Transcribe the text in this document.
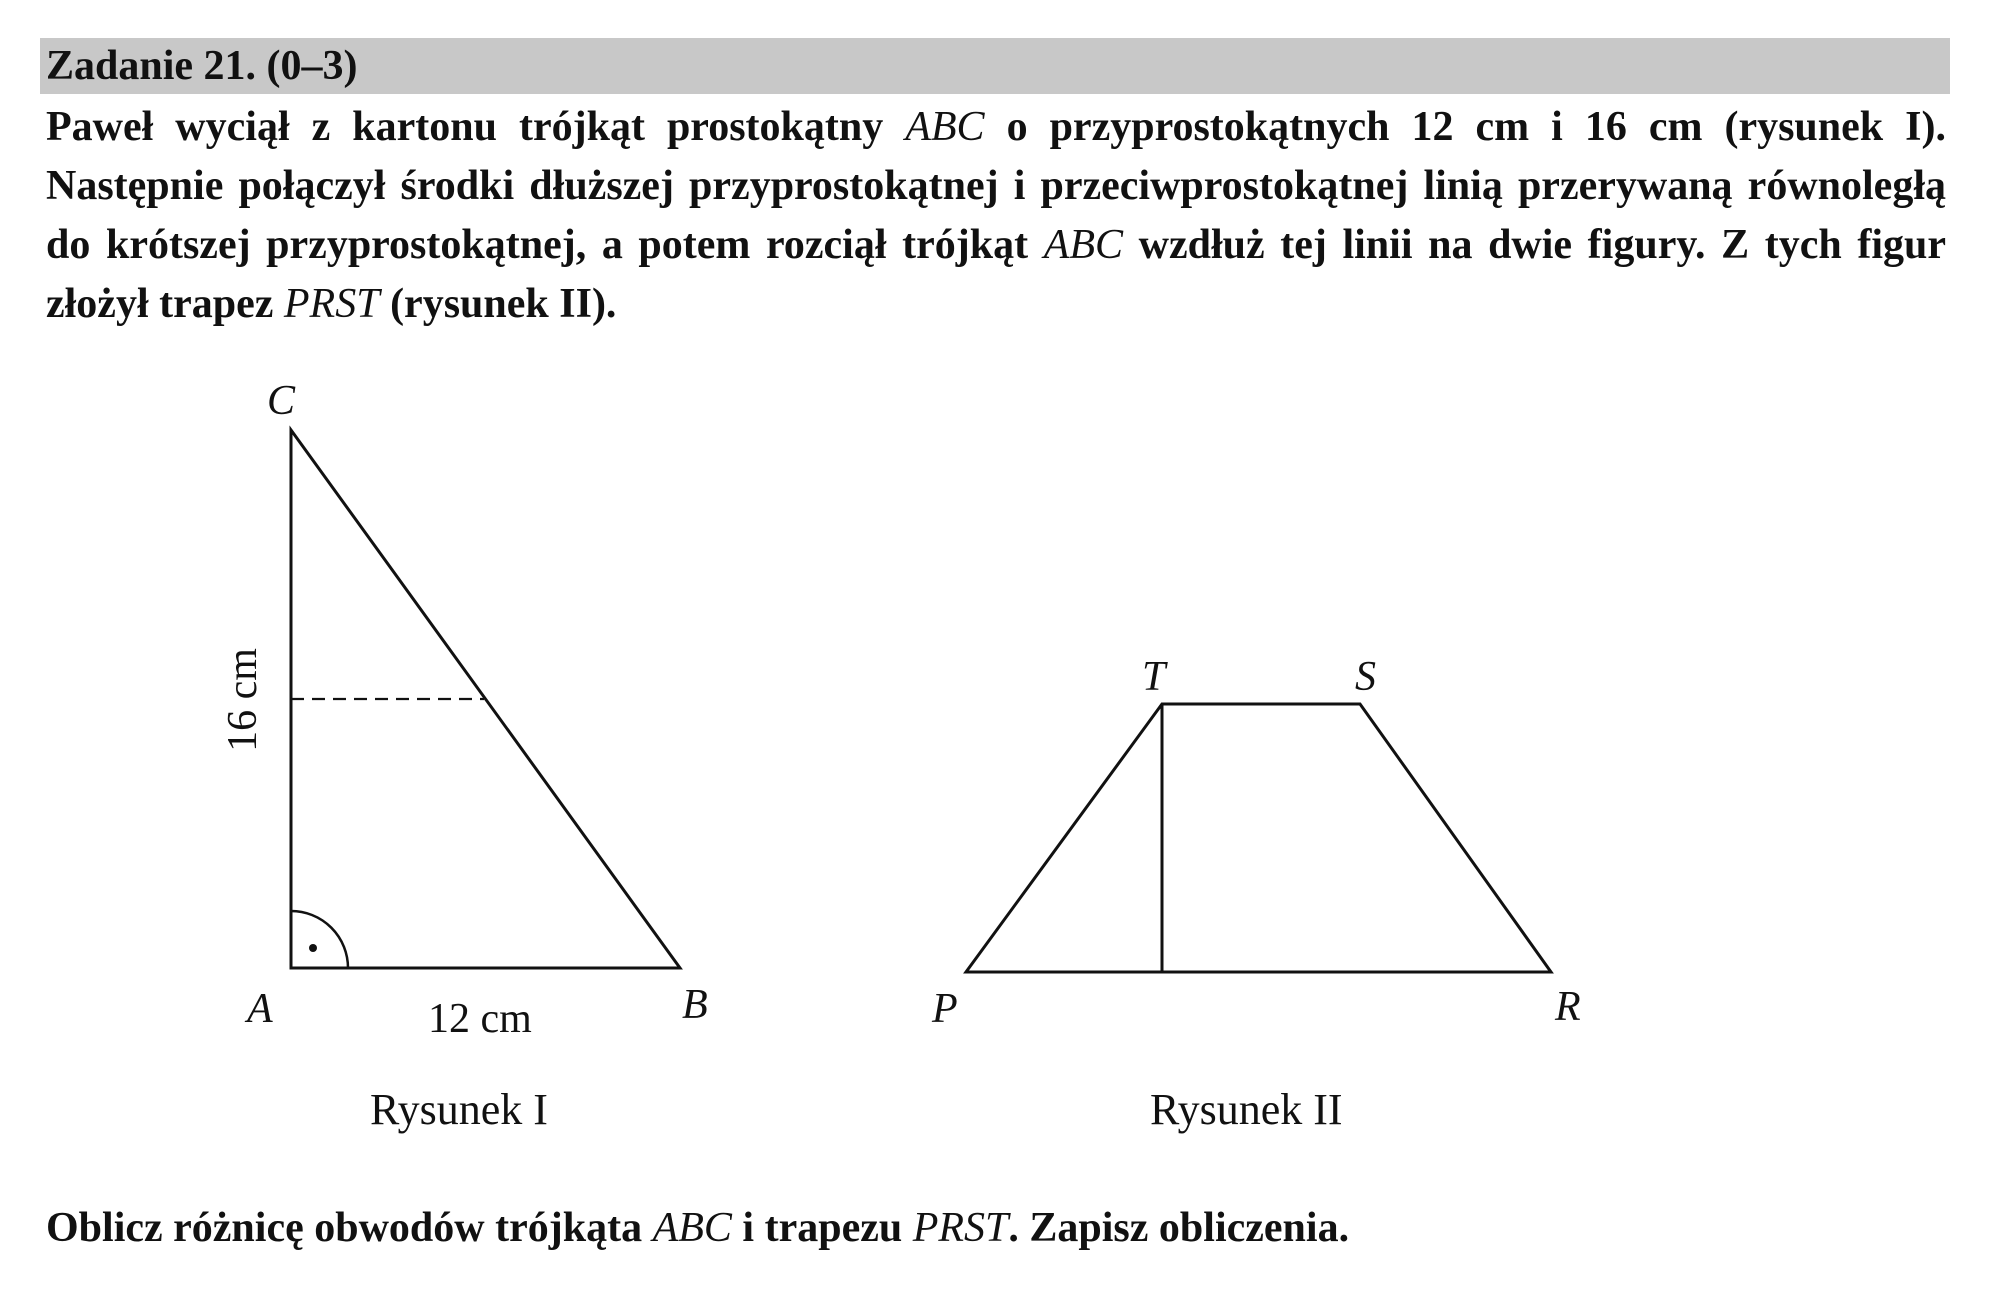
Zadanie 21. (0–3)
Paweł wyciął z kartonu trójkąt prostokątny ABC o przyprostokątnych 12 cm i 16 cm (rysunek I). Następnie połączył środki dłuższej przyprostokątnej i przeciwprostokątnej linią przerywaną równoległą do krótszej przyprostokątnej, a potem rozciął trójkąt ABC wzdłuż tej linii na dwie figury. Z tych figur złożył trapez PRST (rysunek II).
C
A	B
12 cm
16 cm
Rysunek I
T	S
P	R
Rysunek II
Oblicz różnicę obwodów trójkąta ABC i trapezu PRST. Zapisz obliczenia.
